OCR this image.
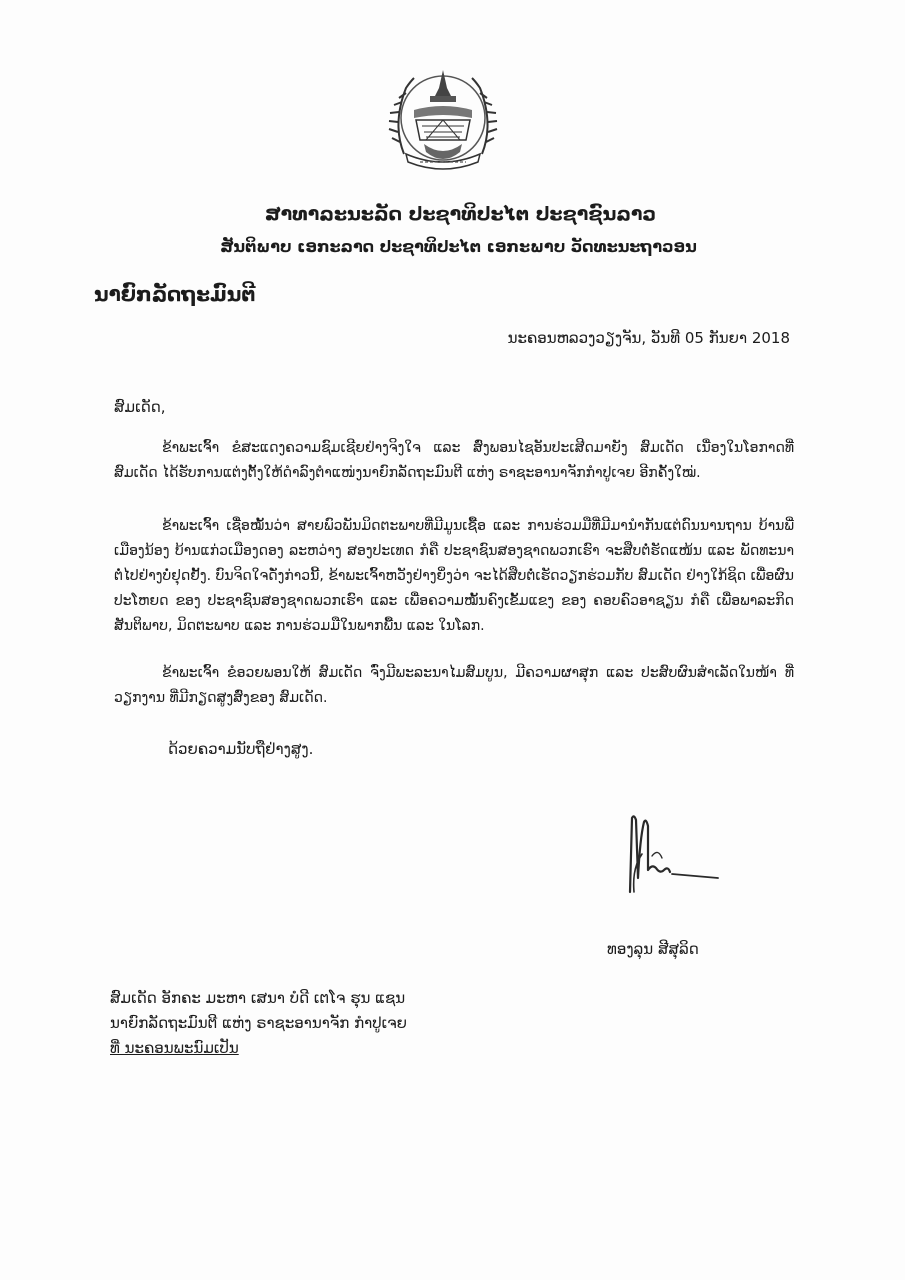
ສາທາລະນະລັດ ປະຊາທິປະໄຕ ປະຊາຊົນລາວ
ສັນຕິພາບ ເອກະລາດ ປະຊາທິປະໄຕ ເອກະພາບ ວັດທະນະຖາວອນ
ນາຍົກລັດຖະມົນຕີ
ນະຄອນຫລວງວຽງຈັນ, ວັນທີ 05 ກັນຍາ 2018
ສົມເດັດ,

ຂ້າພະເຈົ້າ ຂໍສະແດງຄວາມຊົມເຊີຍຢ່າງຈິງໃຈ ແລະ ສົ່ງພອນໄຊອັນປະເສີດມາຍັງ ສົມເດັດ ເນື່ອງໃນໂອກາດທີ່ ສົມເດັດ ໄດ້ຮັບການແຕ່ງຕັ້ງໃຫ້ດຳລົງຕຳແໜ່ງນາຍົກລັດຖະມົນຕີ ແຫ່ງ ຣາຊະອານາຈັກກຳປູເຈຍ ອີກຄັ້ງໃໝ່.

ຂ້າພະເຈົ້າ ເຊື່ອໝັ້ນວ່າ ສາຍພົວພັນມິດຕະພາບທີ່ມີມູນເຊື້ອ ແລະ ການຮ່ວມມືທີ່ມີມານຳກັນແຕ່ດົນນານຖານ ບ້ານພີ່ເມືອງນ້ອງ ບ້ານແກ່ວເມືອງດອງ ລະຫວ່າງ ສອງປະເທດ ກໍຄື ປະຊາຊົນສອງຊາດພວກເຮົາ ຈະສືບຕໍ່ຮັດແໜ້ນ ແລະ ພັດທະນາຕໍ່ໄປຢ່າງບໍ່ຢຸດຢັ້ງ. ບົນຈິດໃຈດັ່ງກ່າວນີ້, ຂ້າພະເຈົ້າຫວັງຢ່າງຍິ່ງວ່າ ຈະໄດ້ສືບຕໍ່ເຮັດວຽກຮ່ວມກັບ ສົມເດັດ ຢ່າງໃກ້ຊິດ ເພື່ອຜົນປະໂຫຍດ ຂອງ ປະຊາຊົນສອງຊາດພວກເຮົາ ແລະ ເພື່ອຄວາມໝັ້ນຄົງເຂັ້ມແຂງ ຂອງ ຄອບຄົວອາຊຽນ ກໍຄື ເພື່ອພາລະກິດສັນຕິພາບ, ມິດຕະພາບ ແລະ ການຮ່ວມມືໃນພາກພື້ນ ແລະ ໃນໂລກ.

ຂ້າພະເຈົ້າ ຂໍອວຍພອນໃຫ້ ສົມເດັດ ຈົ່ງມີພະລະນາໄມສົມບູນ, ມີຄວາມຜາສຸກ ແລະ ປະສົບຜົນສຳເລັດໃນໜ້າ ທີ່ວຽກງານ ທີ່ມີກຽດສູງສົ່ງຂອງ ສົມເດັດ.

ດ້ວຍຄວາມນັບຖືຢ່າງສູງ.
ທອງລຸນ ສີສຸລິດ
ສົມເດັດ ອັກຄະ ມະຫາ ເສນາ ບໍດີ ເຕໂຈ ຮຸນ ແຊນ
ນາຍົກລັດຖະມົນຕີ ແຫ່ງ ຣາຊະອານາຈັກ ກຳປູເຈຍ
ທີ່ ນະຄອນພະນົມເປັນ
